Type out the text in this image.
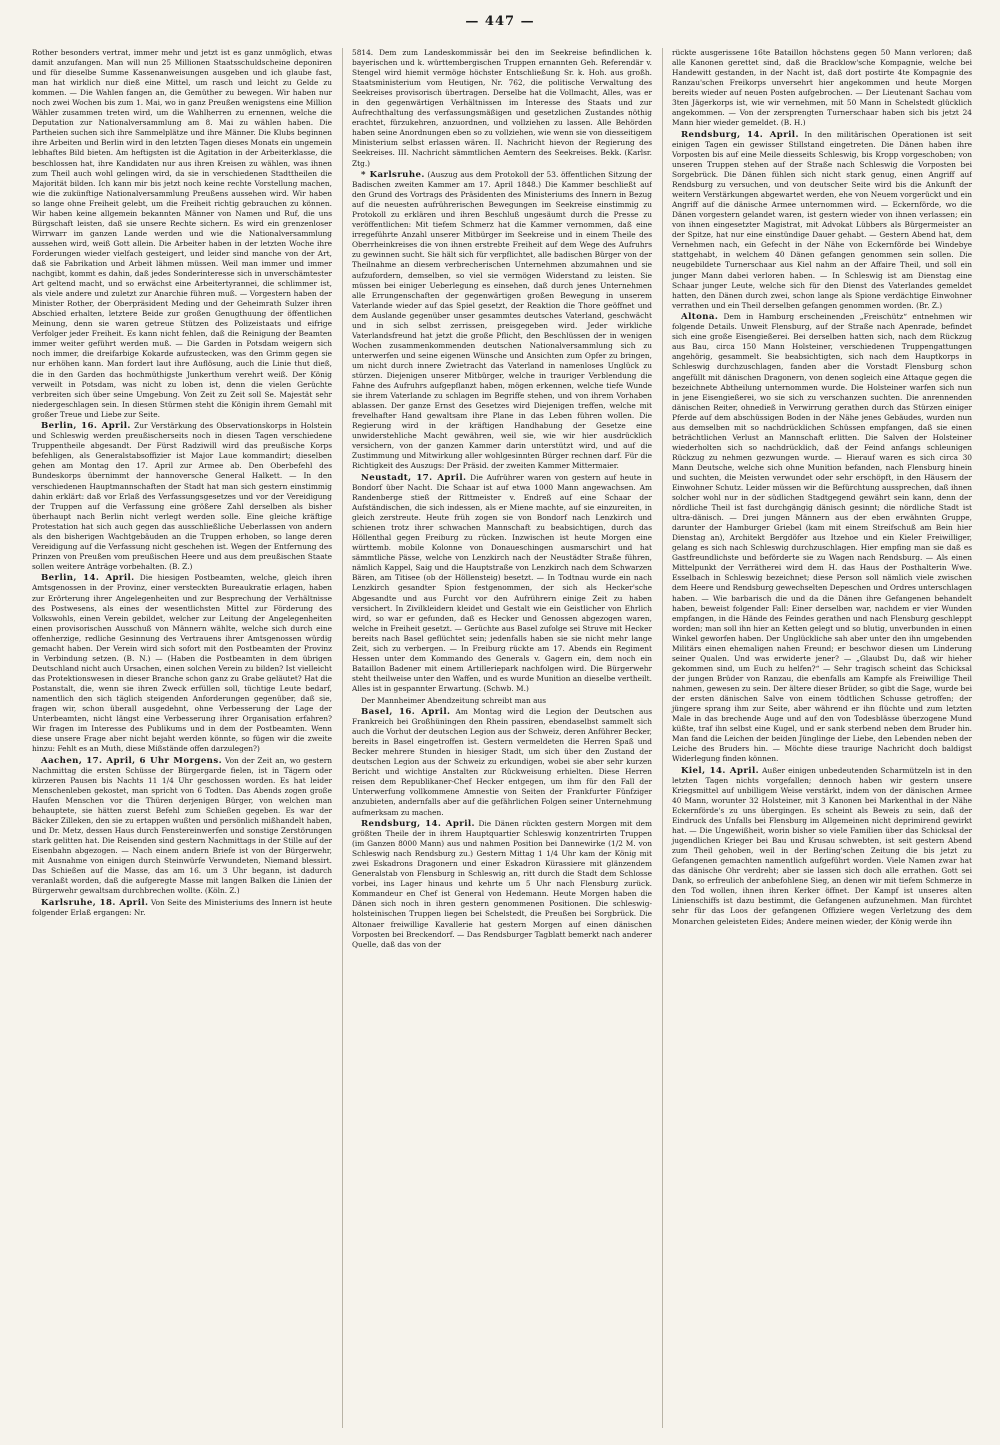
— 447 —

Rother besonders vertrat, immer mehr und jetzt ist es ganz unmöglich, etwas damit anzufangen. Man will nun 25 Millionen Staatsschuldscheine deponiren und für dieselbe Summe Kassenanweisungen ausgeben und ich glaube fast, man hat wirklich nur dieß eine Mittel, um rasch und leicht zu Gelde zu kommen. — Die Wahlen fangen an, die Gemüther zu bewegen. Wir haben nur noch zwei Wochen bis zum 1. Mai, wo in ganz Preußen wenigstens eine Million Wähler zusammen treten wird, um die Wahlherren zu ernennen, welche die Deputation zur Nationalversammlung am 8. Mai zu wählen haben. Die Partheien suchen sich ihre Sammelplätze und ihre Männer. Die Klubs beginnen ihre Arbeiten und Berlin wird in den letzten Tagen dieses Monats ein ungemein lebhaftes Bild bieten. Am heftigsten ist die Agitation in der Arbeiterklasse, die beschlossen hat, ihre Kandidaten nur aus ihren Kreisen zu wählen, was ihnen zum Theil auch wohl gelingen wird, da sie in verschiedenen Stadttheilen die Majorität bilden. Ich kann mir bis jetzt noch keine rechte Vorstellung machen, wie die zukünftige Nationalversammlung Preußens aussehen wird. Wir haben so lange ohne Freiheit gelebt, um die Freiheit richtig gebrauchen zu können. Wir haben keine allgemein bekannten Männer von Namen und Ruf, die uns Bürgschaft leisten, daß sie unsere Rechte sichern. Es wird ein grenzenloser Wirrwarr im ganzen Lande werden und wie die Nationalversammlung aussehen wird, weiß Gott allein. Die Arbeiter haben in der letzten Woche ihre Forderungen wieder vielfach gesteigert, und leider sind manche von der Art, daß sie Fabrikation und Arbeit lähmen müssen. Weil man immer und immer nachgibt, kommt es dahin, daß jedes Sonderinteresse sich in unverschämtester Art geltend macht, und so erwächst eine Arbeitertyrannei, die schlimmer ist, als viele andere und zuletzt zur Anarchie führen muß. — Vorgestern haben der Minister Rother, der Oberpräsident Meding und der Geheimrath Sulzer ihren Abschied erhalten, letztere Beide zur großen Genugthuung der öffentlichen Meinung, denn sie waren getreue Stützen des Polizeistaats und eifrige Verfolger jeder Freiheit. Es kann nicht fehlen, daß die Reinigung der Beamten immer weiter geführt werden muß. — Die Garden in Potsdam weigern sich noch immer, die dreifarbige Kokarde aufzustecken, was den Grimm gegen sie nur erhöhen kann. Man fordert laut ihre Auflösung, auch die Linie thut dieß, die in den Garden das hochmüthigste Junkerthum verehrt weiß. Der König verweilt in Potsdam, was nicht zu loben ist, denn die vielen Gerüchte verbreiten sich über seine Umgebung. Von Zeit zu Zeit soll Se. Majestät sehr niedergeschlagen sein. In diesen Stürmen steht die Königin ihrem Gemahl mit großer Treue und Liebe zur Seite.

Berlin, 16. April. Zur Verstärkung des Observationskorps in Holstein und Schleswig werden preußischerseits noch in diesen Tagen verschiedene Truppentheile abgesandt. Der Fürst Radziwill wird das preußische Korps befehligen, als Generalstabsoffizier ist Major Laue kommandirt; dieselben gehen am Montag den 17. April zur Armee ab. Den Oberbefehl des Bundeskorps übernimmt der hannoversche General Halkett. — In den verschiedenen Hauptmannschaften der Stadt hat man sich gestern einstimmig dahin erklärt: daß vor Erlaß des Verfassungsgesetzes und vor der Vereidigung der Truppen auf die Verfassung eine größere Zahl derselben als bisher überhaupt nach Berlin nicht verlegt werden solle. Eine gleiche kräftige Protestation hat sich auch gegen das ausschließliche Ueberlassen von andern als den bisherigen Wachtgebäuden an die Truppen erhoben, so lange deren Vereidigung auf die Verfassung nicht geschehen ist. Wegen der Entfernung des Prinzen von Preußen vom preußischen Heere und aus dem preußischen Staate sollen weitere Anträge vorbehalten. (B. Z.)

Berlin, 14. April. Die hiesigen Postbeamten, welche, gleich ihren Amtsgenossen in der Provinz, einer versteckten Bureaukratie erlagen, haben zur Erörterung ihrer Angelegenheiten und zur Besprechung der Verhältnisse des Postwesens, als eines der wesentlichsten Mittel zur Förderung des Volkswohls, einen Verein gebildet, welcher zur Leitung der Angelegenheiten einen provisorischen Ausschuß von Männern wählte, welche sich durch eine offenherzige, redliche Gesinnung des Vertrauens ihrer Amtsgenossen würdig gemacht haben. Der Verein wird sich sofort mit den Postbeamten der Provinz in Verbindung setzen. (B. N.) — (Haben die Postbeamten in dem übrigen Deutschland nicht auch Ursachen, einen solchen Verein zu bilden? Ist vielleicht das Protektionswesen in dieser Branche schon ganz zu Grabe geläutet? Hat die Postanstalt, die, wenn sie ihren Zweck erfüllen soll, tüchtige Leute bedarf, namentlich den sich täglich steigenden Anforderungen gegenüber, daß sie, fragen wir, schon überall ausgedehnt, ohne Verbesserung der Lage der Unterbeamten, nicht längst eine Verbesserung ihrer Organisation erfahren? Wir fragen im Interesse des Publikums und in dem der Postbeamten. Wenn diese unsere Frage aber nicht bejaht werden könnte, so fügen wir die zweite hinzu: Fehlt es an Muth, diese Mißstände offen darzulegen?)

Aachen, 17. April, 6 Uhr Morgens. Von der Zeit an, wo gestern Nachmittag die ersten Schüsse der Bürgergarde fielen, ist in Tägern oder kürzeren Pausen bis Nachts 11 1/4 Uhr geschossen worden. Es hat leider Menschenleben gekostet, man spricht von 6 Todten. Das Abends zogen große Haufen Menschen vor die Thüren derjenigen Bürger, von welchen man behauptete, sie hätten zuerst Befehl zum Schießen gegeben. Es war der Bäcker Zilleken, den sie zu ertappen wußten und persönlich mißhandelt haben, und Dr. Metz, dessen Haus durch Fenstereinwerfen und sonstige Zerstörungen stark gelitten hat. Die Reisenden sind gestern Nachmittags in der Stille auf der Eisenbahn abgezogen. — Nach einem andern Briefe ist von der Bürgerwehr, mit Ausnahme von einigen durch Steinwürfe Verwundeten, Niemand blessirt. Das Schießen auf die Masse, das am 16. um 3 Uhr begann, ist dadurch veranlaßt worden, daß die aufgeregte Masse mit langen Balken die Linien der Bürgerwehr gewaltsam durchbrechen wollte. (Köln. Z.)

Karlsruhe, 18. April. Von Seite des Ministeriums des Innern ist heute folgender Erlaß ergangen: Nr.

5814. Dem zum Landeskommissär bei den im Seekreise befindlichen k. bayerischen und k. württembergischen Truppen ernannten Geh. Referendär v. Stengel wird hiemit vermöge höchster Entschließung Sr. k. Hoh. aus großh. Staatsministerium vom Heutigen, Nr. 762, die politische Verwaltung des Seekreises provisorisch übertragen. Derselbe hat die Vollmacht, Alles, was er in den gegenwärtigen Verhältnissen im Interesse des Staats und zur Aufrechthaltung des verfassungsmäßigen und gesetzlichen Zustandes nöthig erachtet, fürzukehren, anzuordnen, und vollziehen zu lassen. Alle Behörden haben seine Anordnungen eben so zu vollziehen, wie wenn sie von diesseitigem Ministerium selbst erlassen wären. II. Nachricht hievon der Regierung des Seekreises. III. Nachricht sämmtlichen Aemtern des Seekreises. Bekk. (Karlsr. Ztg.)

* Karlsruhe. (Auszug aus dem Protokoll der 53. öffentlichen Sitzung der Badischen zweiten Kammer am 17. April 1848.) Die Kammer beschließt auf den Grund des Vortrags des Präsidenten des Ministeriums des Innern in Bezug auf die neuesten aufrührerischen Bewegungen im Seekreise einstimmig zu Protokoll zu erklären und ihren Beschluß ungesäumt durch die Presse zu veröffentlichen: Mit tiefem Schmerz hat die Kammer vernommen, daß eine irregeführte Anzahl unserer Mitbürger im Seekreise und in einem Theile des Oberrheinkreises die von ihnen erstrebte Freiheit auf dem Wege des Aufruhrs zu gewinnen sucht. Sie hält sich für verpflichtet, alle badischen Bürger von der Theilnahme an diesem verbrecherischen Unternehmen abzumahnen und sie aufzufordern, demselben, so viel sie vermögen Widerstand zu leisten. Sie müssen bei einiger Ueberlegung es einsehen, daß durch jenes Unternehmen alle Errungenschaften der gegenwärtigen großen Bewegung in unserem Vaterlande wieder auf das Spiel gesetzt, der Reaktion die Thore geöffnet und dem Auslande gegenüber unser gesammtes deutsches Vaterland, geschwächt und in sich selbst zerrissen, preisgegeben wird. Jeder wirkliche Vaterlandsfreund hat jetzt die große Pflicht, den Beschlüssen der in wenigen Wochen zusammenkommenden deutschen Nationalversammlung sich zu unterwerfen und seine eigenen Wünsche und Ansichten zum Opfer zu bringen, um nicht durch innere Zwietracht das Vaterland in namenloses Unglück zu stürzen. Diejenigen unserer Mitbürger, welche in trauriger Verblendung die Fahne des Aufruhrs aufgepflanzt haben, mögen erkennen, welche tiefe Wunde sie ihrem Vaterlande zu schlagen im Begriffe stehen, und von ihrem Vorhaben ablassen. Der ganze Ernst des Gesetzes wird Diejenigen treffen, welche mit frevelhafter Hand gewaltsam ihre Plane in das Leben führen wollen. Die Regierung wird in der kräftigen Handhabung der Gesetze eine unwiderstehliche Macht gewähren, weil sie, wie wir hier ausdrücklich versichern, von der ganzen Kammer darin unterstützt wird, und auf die Zustimmung und Mitwirkung aller wohlgesinnten Bürger rechnen darf. Für die Richtigkeit des Auszugs: Der Präsid. der zweiten Kammer Mittermaier.

Neustadt, 17. April. Die Aufrührer waren von gestern auf heute in Bondorf über Nacht. Die Schaar ist auf etwa 1000 Mann angewachsen. Am Randenberge stieß der Rittmeister v. Endreß auf eine Schaar der Aufständischen, die sich indessen, als er Miene machte, auf sie einzureiten, in gleich zerstreute. Heute früh zogen sie von Bondorf nach Lenzkirch und schienen trotz ihrer schwachen Mannschaft zu beabsichtigen, durch das Höllenthal gegen Freiburg zu rücken. Inzwischen ist heute Morgen eine württemb. mobile Kolonne von Donaueschingen ausmarschirt und hat sämmtliche Pässe, welche von Lenzkirch nach der Neustädter Straße führen, nämlich Kappel, Saig und die Hauptstraße von Lenzkirch nach dem Schwarzen Bären, am Titisee (ob der Höllensteig) besetzt. — In Todtnau wurde ein nach Lenzkirch gesandter Spion festgenommen, der sich als Hecker'sche Abgesandte und aus Furcht vor den Aufrührern einige Zeit zu haben versichert. In Zivilkleidern kleidet und Gestalt wie ein Geistlicher von Ehrlich wird, so war er gefunden, daß es Hecker und Genossen abgezogen waren, welche in Freiheit gesetzt. — Gerüchte aus Basel zufolge sei Struve mit Hecker bereits nach Basel geflüchtet sein; jedenfalls haben sie sie nicht mehr lange Zeit, sich zu verbergen. — In Freiburg rückte am 17. Abends ein Regiment Hessen unter dem Kommando des Generals v. Gagern ein, dem noch ein Bataillon Badener mit einem Artilleriepark nachfolgen wird. Die Bürgerwehr steht theilweise unter den Waffen, und es wurde Munition an dieselbe vertheilt. Alles ist in gespannter Erwartung. (Schwb. M.)

Der Mannheimer Abendzeitung schreibt man aus

Basel, 16. April. Am Montag wird die Legion der Deutschen aus Frankreich bei Großhüningen den Rhein passiren, ebendaselbst sammelt sich auch die Vorhut der deutschen Legion aus der Schweiz, deren Anführer Becker, bereits in Basel eingetroffen ist. Gestern vermeldeten die Herren Spaß und Becker mehrere Stunden in hiesiger Stadt, um sich über den Zustand der deutschen Legion aus der Schweiz zu erkundigen, wobei sie aber sehr kurzen Bericht und wichtige Anstalten zur Rückweisung erhielten. Diese Herren reisen dem Republikaner-Chef Hecker entgegen, um ihm für den Fall der Unterwerfung vollkommene Amnestie von Seiten der Frankfurter Fünfziger anzubieten, andernfalls aber auf die gefährlichen Folgen seiner Unternehmung aufmerksam zu machen.

Rendsburg, 14. April. Die Dänen rückten gestern Morgen mit dem größten Theile der in ihrem Hauptquartier Schleswig konzentrirten Truppen (im Ganzen 8000 Mann) aus und nahmen Position bei Dannewirke (1/2 M. von Schleswig nach Rendsburg zu.) Gestern Mittag 1 1/4 Uhr kam der König mit zwei Eskadrons Dragonern und einer Eskadron Kürassiere mit glänzendem Generalstab von Flensburg in Schleswig an, ritt durch die Stadt dem Schlosse vorbei, ins Lager hinaus und kehrte um 5 Uhr nach Flensburg zurück. Kommandeur en Chef ist General von Hedemann. Heute Morgen haben die Dänen sich noch in ihren gestern genommenen Positionen. Die schleswig-holsteinischen Truppen liegen bei Schelstedt, die Preußen bei Sorgbrück. Die Altonaer freiwillige Kavallerie hat gestern Morgen auf einen dänischen Vorposten bei Breckendorf. — Das Rendsburger Tagblatt bemerkt nach anderer Quelle, daß das von der

rückte ausgerissene 16te Bataillon höchstens gegen 50 Mann verloren; daß alle Kanonen gerettet sind, daß die Bracklow'sche Kompagnie, welche bei Handewitt gestanden, in der Nacht ist, daß dort postirte 4te Kompagnie des Ranzau'schen Freikorps unversehrt hier angekommen und heute Morgen bereits wieder auf neuen Posten aufgebrochen. — Der Lieutenant Sachau vom 3ten Jägerkorps ist, wie wir vernehmen, mit 50 Mann in Schelstedt glücklich angekommen. — Von der zersprengten Turnerschaar haben sich bis jetzt 24 Mann hier wieder gemeldet. (B. H.)

Rendsburg, 14. April. In den militärischen Operationen ist seit einigen Tagen ein gewisser Stillstand eingetreten. Die Dänen haben ihre Vorposten bis auf eine Meile diesseits Schleswig, bis Kropp vorgeschoben; von unseren Truppen stehen auf der Straße nach Schleswig die Vorposten bei Sorgebrück. Die Dänen fühlen sich nicht stark genug, einen Angriff auf Rendsburg zu versuchen, und von deutscher Seite wird bis die Ankunft der weitern Verstärkungen abgewartet werden, ehe von Neuem vorgerückt und ein Angriff auf die dänische Armee unternommen wird. — Eckernförde, wo die Dänen vorgestern gelandet waren, ist gestern wieder von ihnen verlassen; ein von ihnen eingesetzter Magistrat, mit Advokat Lübbers als Bürgermeister an der Spitze, hat nur eine einstündige Dauer gehabt. — Gestern Abend hat, dem Vernehmen nach, ein Gefecht in der Nähe von Eckernförde bei Windebye stattgehabt, in welchem 40 Dänen gefangen genommen sein sollen. Die neugebildete Turnerschaar aus Kiel nahm an der Affaire Theil, und soll ein junger Mann dabei verloren haben. — In Schleswig ist am Dienstag eine Schaar junger Leute, welche sich für den Dienst des Vaterlandes gemeldet hatten, den Dänen durch zwei, schon lange als Spione verdächtige Einwohner verrathen und ein Theil derselben gefangen genommen worden. (Br. Z.)

Altona. Dem in Hamburg erscheinenden „Freischütz“ entnehmen wir folgende Details. Unweit Flensburg, auf der Straße nach Apenrade, befindet sich eine große Eisengießerei. Bei derselben hatten sich, nach dem Rückzug aus Bau, circa 150 Mann Holsteiner, verschiedenen Truppengattungen angehörig, gesammelt. Sie beabsichtigten, sich nach dem Hauptkorps in Schleswig durchzuschlagen, fanden aber die Vorstadt Flensburg schon angefüllt mit dänischen Dragonern, von denen sogleich eine Attaque gegen die bezeichnete Abtheilung unternommen wurde. Die Holsteiner warfen sich nun in jene Eisengießerei, wo sie sich zu verschanzen suchten. Die anrennenden dänischen Reiter, ohnedieß in Verwirrung gerathen durch das Stürzen einiger Pferde auf dem abschüssigen Boden in der Nähe jenes Gebäudes, wurden nun aus demselben mit so nachdrücklichen Schüssen empfangen, daß sie einen beträchtlichen Verlust an Mannschaft erlitten. Die Salven der Holsteiner wiederholten sich so nachdrücklich, daß der Feind anfangs schleunigen Rückzug zu nehmen gezwungen wurde. — Hierauf waren es sich circa 30 Mann Deutsche, welche sich ohne Munition befanden, nach Flensburg hinein und suchten, die Meisten verwundet oder sehr erschöpft, in den Häusern der Einwohner Schutz. Leider müssen wir die Befürchtung aussprechen, daß ihnen solcher wohl nur in der südlichen Stadtgegend gewährt sein kann, denn der nördliche Theil ist fast durchgängig dänisch gesinnt; die nördliche Stadt ist ultra-dänisch. — Drei jungen Männern aus der eben erwähnten Gruppe, darunter der Hamburger Griebel (kam mit einem Streifschuß am Bein hier Dienstag an), Architekt Bergdöfer aus Itzehoe und ein Kieler Freiwilliger, gelang es sich nach Schleswig durchzuschlagen. Hier empfing man sie daß es Gastfreundlichste und beförderte sie zu Wagen nach Rendsburg. — Als einen Mittelpunkt der Verrätherei wird dem H. das Haus der Posthalterin Wwe. Esselbach in Schleswig bezeichnet; diese Person soll nämlich viele zwischen dem Heere und Rendsburg gewechselten Depeschen und Ordres unterschlagen haben. — Wie barbarisch die und da die Dänen ihre Gefangenen behandelt haben, beweist folgender Fall: Einer derselben war, nachdem er vier Wunden empfangen, in die Hände des Feindes gerathen und nach Flensburg geschleppt worden; man soll ihn hier an Ketten gelegt und so blutig, unverbunden in einen Winkel geworfen haben. Der Unglückliche sah aber unter den ihn umgebenden Militärs einen ehemaligen nahen Freund; er beschwor diesen um Linderung seiner Qualen. Und was erwiderte jener? — „Glaubst Du, daß wir hieher gekommen sind, um Euch zu helfen?“ — Sehr tragisch scheint das Schicksal der jungen Brüder von Ranzau, die ebenfalls am Kampfe als Freiwillige Theil nahmen, gewesen zu sein. Der ältere dieser Brüder, so gibt die Sage, wurde bei der ersten dänischen Salve von einem tödtlichen Schusse getroffen; der jüngere sprang ihm zur Seite, aber während er ihn flüchte und zum letzten Male in das brechende Auge und auf den von Todesblässe überzogene Mund küßte, traf ihn selbst eine Kugel, und er sank sterbend neben dem Bruder hin. Man fand die Leichen der beiden Jünglinge der Liebe, den Lebenden neben der Leiche des Bruders hin. — Möchte diese traurige Nachricht doch baldigst Widerlegung finden können.

Kiel, 14. April. Außer einigen unbedeutenden Scharmützeln ist in den letzten Tagen nichts vorgefallen; dennoch haben wir gestern unsere Kriegsmittel auf unbilligem Weise verstärkt, indem von der dänischen Armee 40 Mann, worunter 32 Holsteiner, mit 3 Kanonen bei Markenthal in der Nähe Eckernförde's zu uns übergingen. Es scheint als Beweis zu sein, daß der Eindruck des Unfalls bei Flensburg im Allgemeinen nicht deprimirend gewirkt hat. — Die Ungewißheit, worin bisher so viele Familien über das Schicksal der jugendlichen Krieger bei Bau und Krusau schwebten, ist seit gestern Abend zum Theil gehoben, weil in der Berling'schen Zeitung die bis jetzt zu Gefangenen gemachten namentlich aufgeführt worden. Viele Namen zwar hat das dänische Ohr verdreht; aber sie lassen sich doch alle errathen. Gott sei Dank, so erfreulich der anbefohlene Sieg, an denen wir mit tiefem Schmerze in den Tod wollen, ihnen ihren Kerker öffnet. Der Kampf ist unseres alten Linienschiffs ist dazu bestimmt, die Gefangenen aufzunehmen. Man fürchtet sehr für das Loos der gefangenen Offiziere wegen Verletzung des dem Monarchen geleisteten Eides; Andere meinen wieder, der König werde ihn
